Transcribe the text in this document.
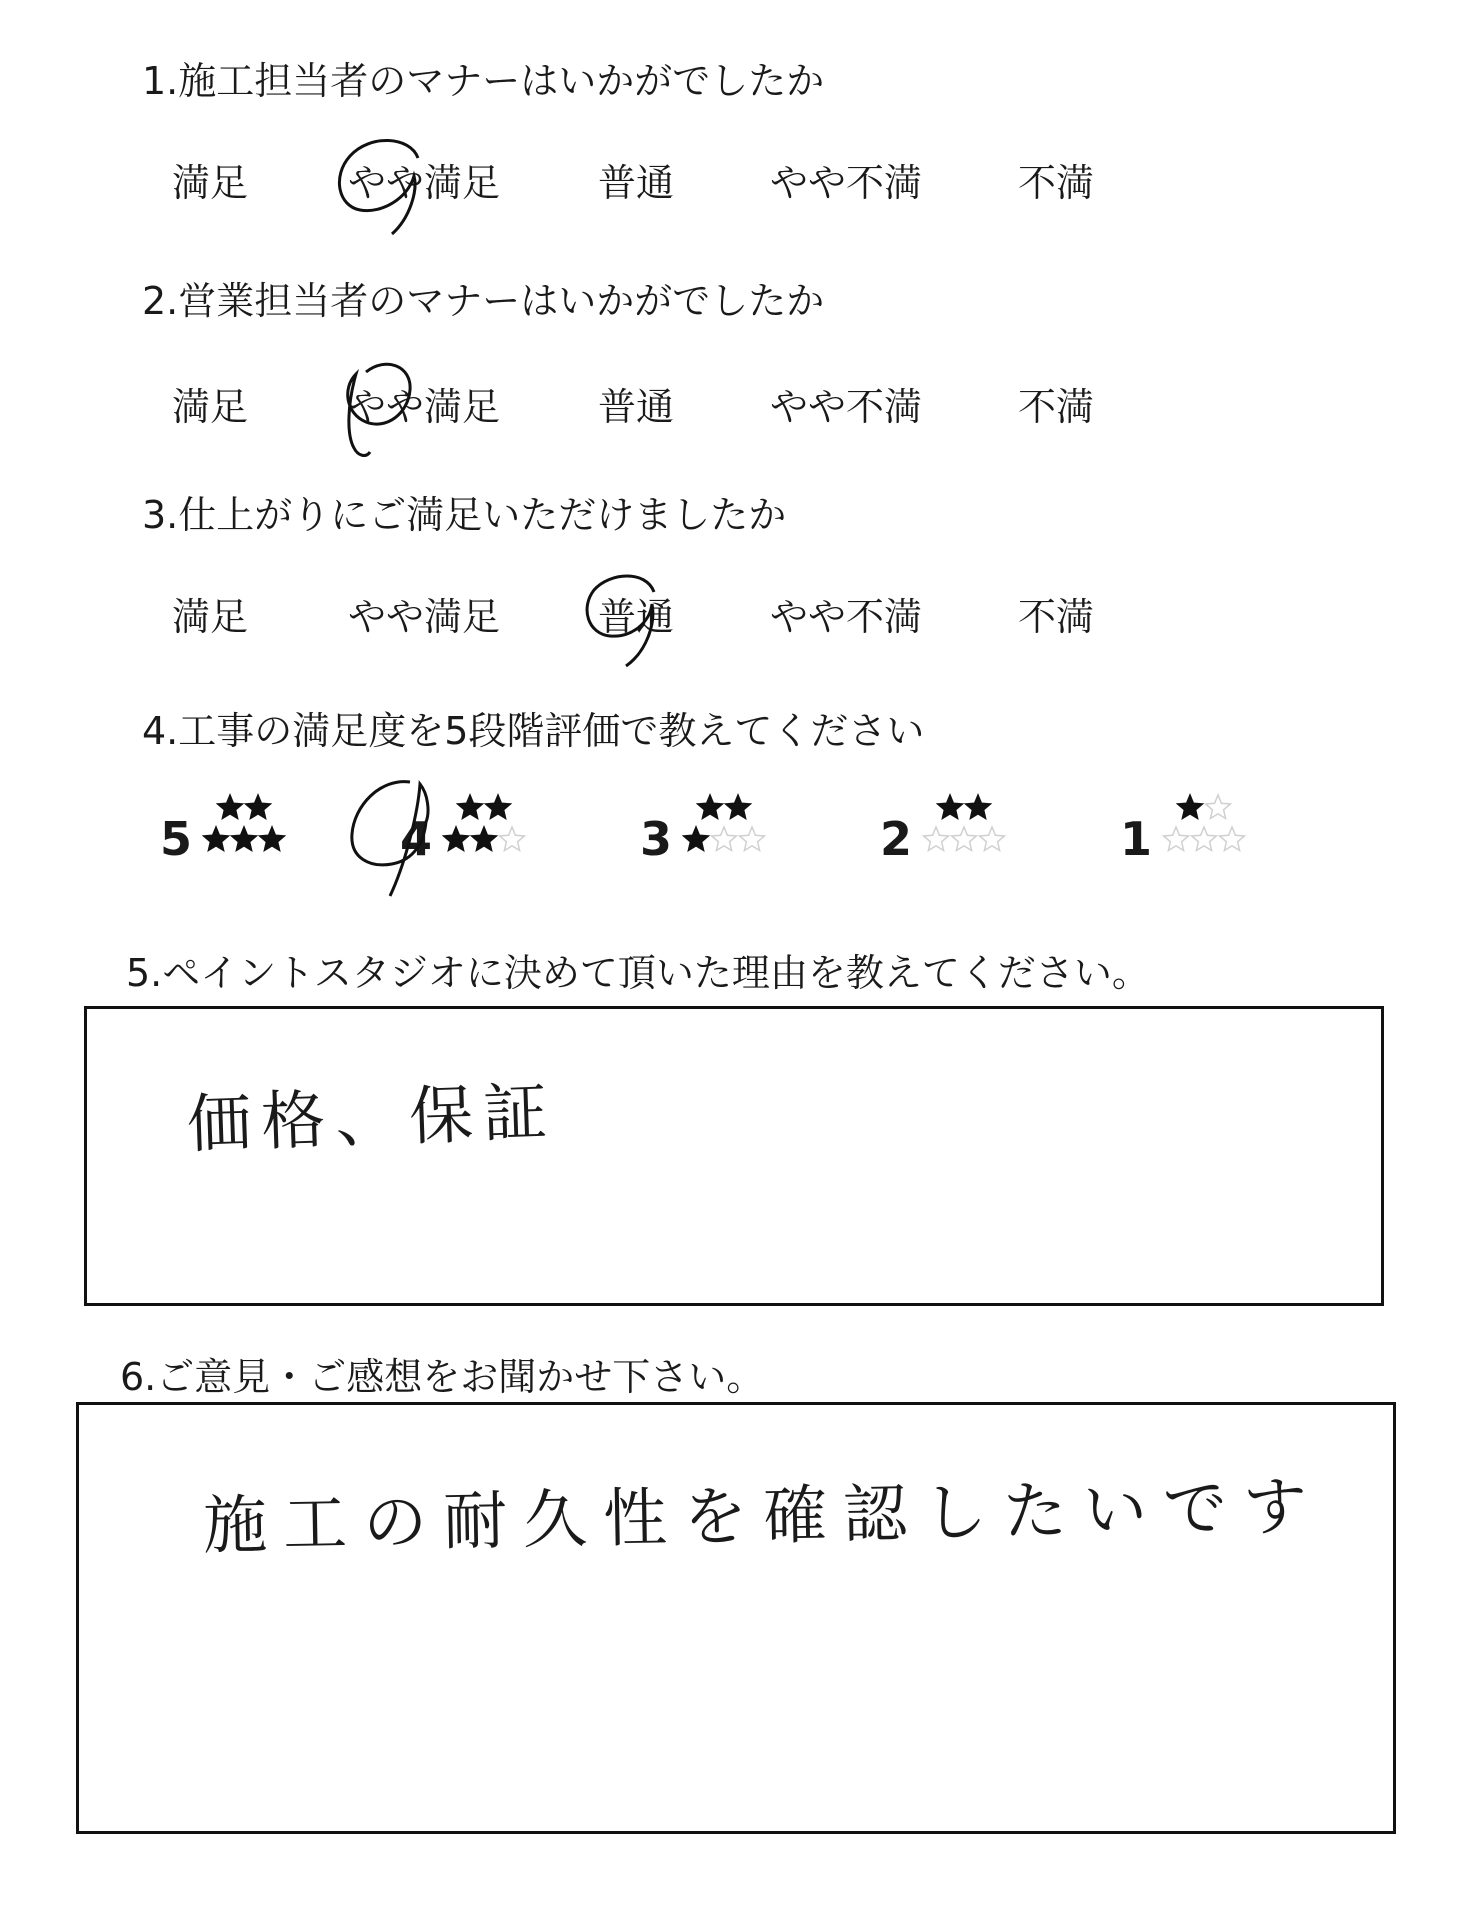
1.施工担当者のマナーはいかがでしたか
満足	やや満足	普通	やや不満	不満
2.営業担当者のマナーはいかがでしたか
満足	やや満足	普通	やや不満	不満
3.仕上がりにご満足いただけましたか
満足	やや満足	普通	やや不満	不満
4.工事の満足度を5段階評価で教えてください
5	4	3	2	1
5.ペイントスタジオに決めて頂いた理由を教えてください。
価格、保証
6.ご意見・ご感想をお聞かせ下さい。
施工の耐久性を確認したいです
